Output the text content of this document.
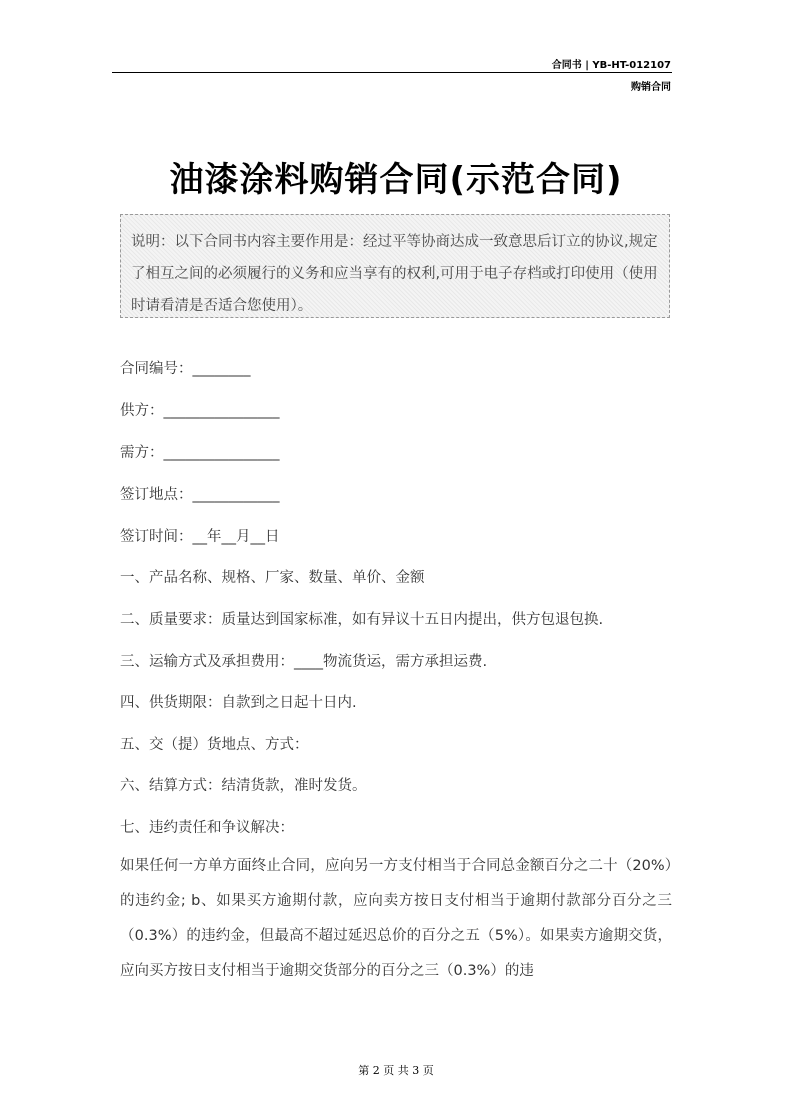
合同书 | YB-HT-012107
购销合同
油漆涂料购销合同(示范合同)
说明：以下合同书内容主要作用是：经过平等协商达成一致意思后订立的协议,规定了相互之间的必须履行的义务和应当享有的权利,可用于电子存档或打印使用（使用时请看清是否适合您使用）。
合同编号：________
供方：________________
需方：________________
签订地点：____________
签订时间：__年__月__日
一、产品名称、规格、厂家、数量、单价、金额
二、质量要求：质量达到国家标准，如有异议十五日内提出，供方包退包换.
三、运输方式及承担费用：____物流货运，需方承担运费.
四、供货期限：自款到之日起十日内.
五、交（提）货地点、方式：
六、结算方式：结清货款，准时发货。
七、违约责任和争议解决：
如果任何一方单方面终止合同，应向另一方支付相当于合同总金额百分之二十（20%）的违约金; b、如果买方逾期付款，应向卖方按日支付相当于逾期付款部分百分之三（0.3%）的违约金，但最高不超过延迟总价的百分之五（5%）。如果卖方逾期交货，应向买方按日支付相当于逾期交货部分的百分之三（0.3%）的违
第 2 页 共 3 页
